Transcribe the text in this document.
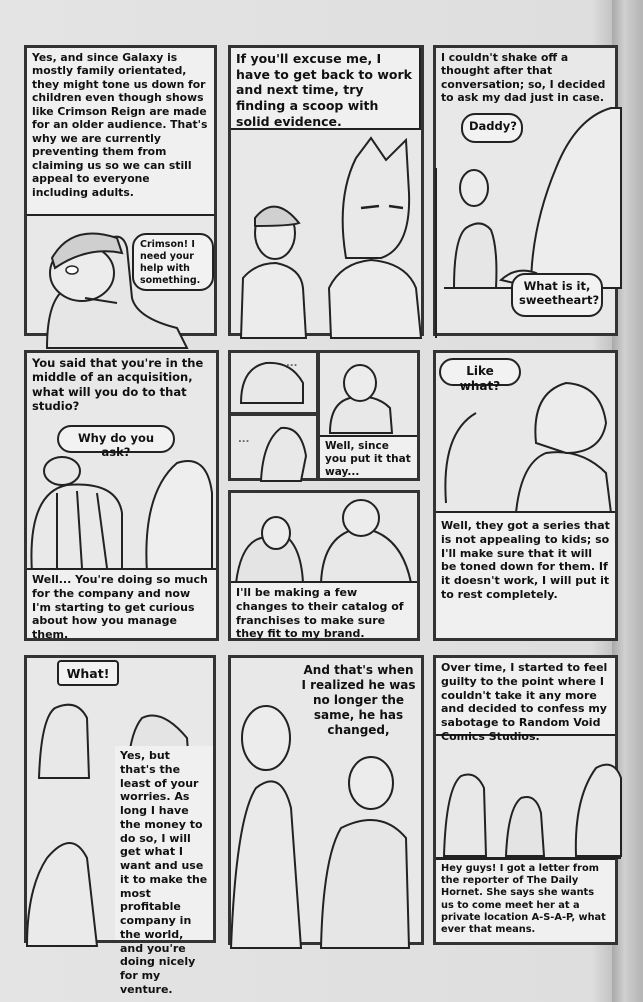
Yes, and since Galaxy is mostly family orientated, they might tone us down for children even though shows like Crimson Reign are made for an older audience. That's why we are currently preventing them from claiming us so we can still appeal to everyone including adults.
Crimson! I need your help with something.
If you'll excuse me, I have to get back to work and next time, try finding a scoop with solid evidence.
I couldn't shake off a thought after that conversation; so, I decided to ask my dad just in case.
Daddy?
What is it, sweetheart?
You said that you're in the middle of an acquisition, what will you do to that studio?
Why do you ask?
Well... You're doing so much for the company and now I'm starting to get curious about how you manage them.
...
...
Well, since you put it that way...
I'll be making a few changes to their catalog of franchises to make sure they fit to my brand.
Like what?
Well, they got a series that is not appealing to kids; so I'll make sure that it will be toned down for them. If it doesn't work, I will put it to rest completely.
What!
Yes, but that's the least of your worries. As long I have the money to do so, I will get what I want and use it to make the most profitable company in the world, and you're doing nicely for my venture.
And that's when I realized he was no longer the same, he has changed,
Over time, I started to feel guilty to the point where I couldn't take it any more and decided to confess my sabotage to Random Void Comics Studios.
Hey guys! I got a letter from the reporter of The Daily Hornet. She says she wants us to come meet her at a private location A-S-A-P, what ever that means.
